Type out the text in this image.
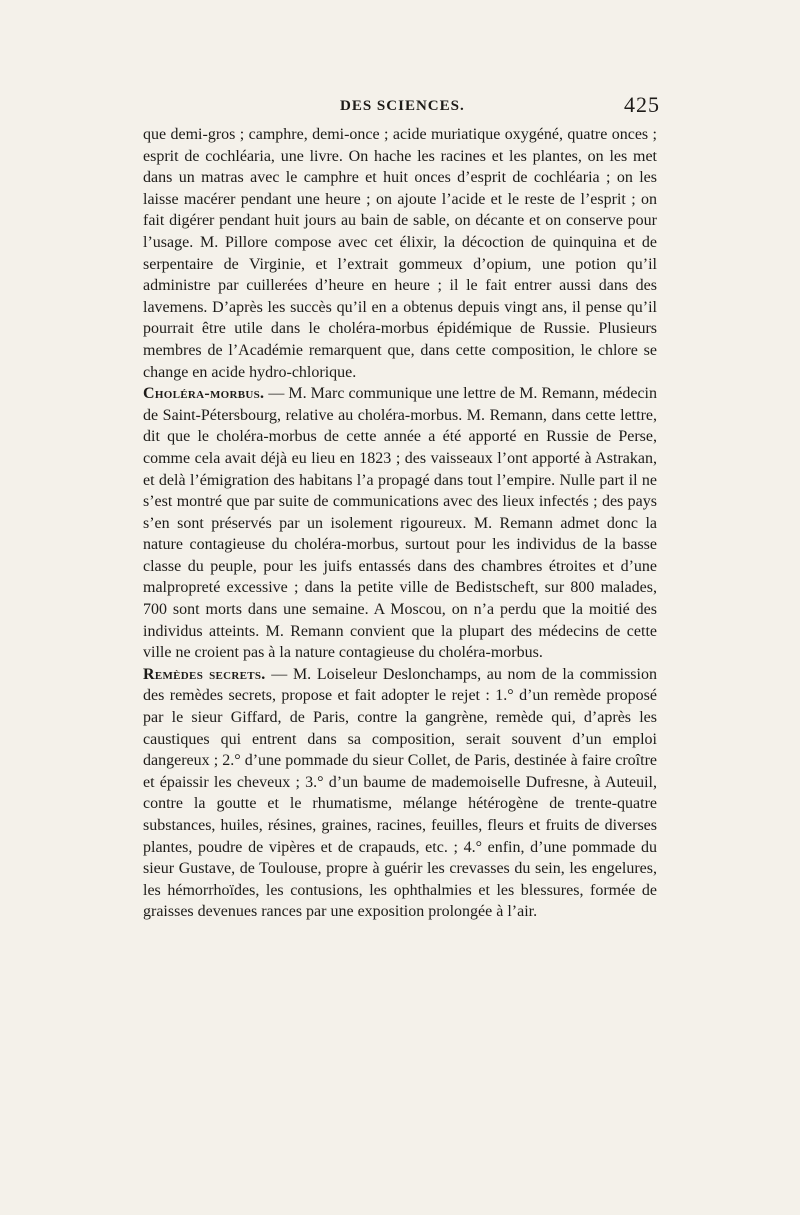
DES SCIENCES.	425

que demi-gros ; camphre, demi-once ; acide muriatique oxygéné, quatre onces ; esprit de cochléaria, une livre. On hache les racines et les plantes, on les met dans un matras avec le camphre et huit onces d’esprit de cochléaria ; on les laisse macérer pendant une heure ; on ajoute l’acide et le reste de l’esprit ; on fait digérer pendant huit jours au bain de sable, on décante et on conserve pour l’usage. M. Pillore compose avec cet élixir, la décoction de quinquina et de serpentaire de Virginie, et l’extrait gommeux d’opium, une potion qu’il administre par cuillerées d’heure en heure ; il le fait entrer aussi dans des lavemens. D’après les succès qu’il en a obtenus depuis vingt ans, il pense qu’il pourrait être utile dans le choléra-morbus épidémique de Russie. Plusieurs membres de l’Académie remarquent que, dans cette composition, le chlore se change en acide hydro-chlorique.

Choléra-morbus. — M. Marc communique une lettre de M. Remann, médecin de Saint-Pétersbourg, relative au choléra-morbus. M. Remann, dans cette lettre, dit que le choléra-morbus de cette année a été apporté en Russie de Perse, comme cela avait déjà eu lieu en 1823 ; des vaisseaux l’ont apporté à Astrakan, et delà l’émigration des habitans l’a propagé dans tout l’empire. Nulle part il ne s’est montré que par suite de communications avec des lieux infectés ; des pays s’en sont préservés par un isolement rigoureux. M. Remann admet donc la nature contagieuse du choléra-morbus, surtout pour les individus de la basse classe du peuple, pour les juifs entassés dans des chambres étroites et d’une malpropreté excessive ; dans la petite ville de Bedistscheft, sur 800 malades, 700 sont morts dans une semaine. A Moscou, on n’a perdu que la moitié des individus atteints. M. Remann convient que la plupart des médecins de cette ville ne croient pas à la nature contagieuse du choléra-morbus.

Remèdes secrets. — M. Loiseleur Deslonchamps, au nom de la commission des remèdes secrets, propose et fait adopter le rejet : 1.° d’un remède proposé par le sieur Giffard, de Paris, contre la gangrène, remède qui, d’après les caustiques qui entrent dans sa composition, serait souvent d’un emploi dangereux ; 2.° d’une pommade du sieur Collet, de Paris, destinée à faire croître et épaissir les cheveux ; 3.° d’un baume de mademoiselle Dufresne, à Auteuil, contre la goutte et le rhumatisme, mélange hétérogène de trente-quatre substances, huiles, résines, graines, racines, feuilles, fleurs et fruits de diverses plantes, poudre de vipères et de crapauds, etc. ; 4.° enfin, d’une pommade du sieur Gustave, de Toulouse, propre à guérir les crevasses du sein, les engelures, les hémorrhoïdes, les contusions, les ophthalmies et les blessures, formée de graisses devenues rances par une exposition prolongée à l’air.
